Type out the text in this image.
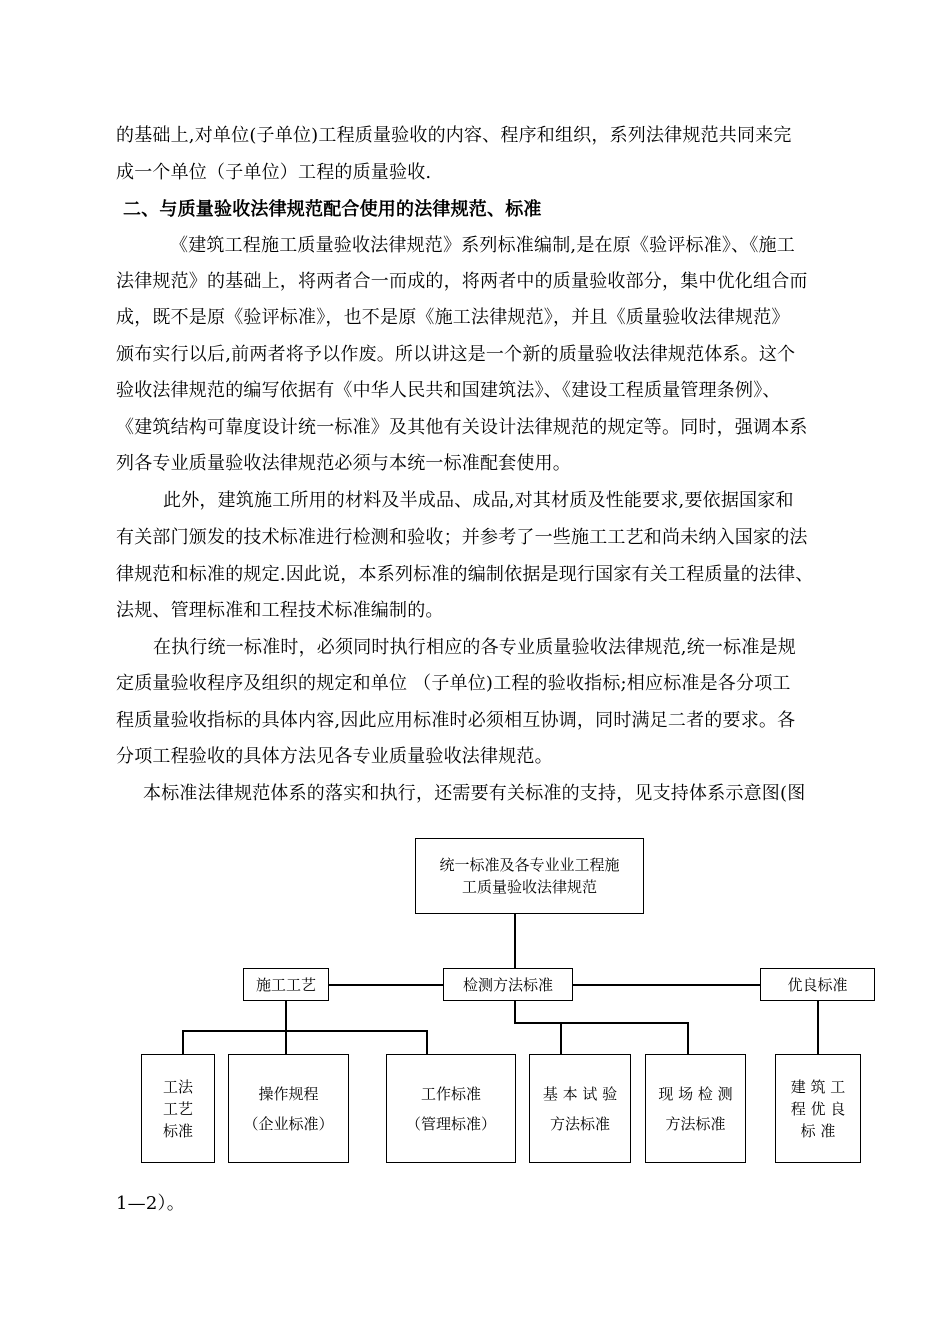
的基础上,对单位(子单位)工程质量验收的内容、程序和组织，系列法律规范共同来完
成一个单位（子单位）工程的质量验收.
二、与质量验收法律规范配合使用的法律规范、标准
《建筑工程施工质量验收法律规范》系列标准编制,是在原《验评标准》、《施工
法律规范》的基础上，将两者合一而成的，将两者中的质量验收部分，集中优化组合而
成，既不是原《验评标准》，也不是原《施工法律规范》，并且《质量验收法律规范》
颁布实行以后,前两者将予以作废。所以讲这是一个新的质量验收法律规范体系。这个
验收法律规范的编写依据有《中华人民共和国建筑法》、《建设工程质量管理条例》、
《建筑结构可靠度设计统一标准》及其他有关设计法律规范的规定等。同时，强调本系
列各专业质量验收法律规范必须与本统一标准配套使用。
此外，建筑施工所用的材料及半成品、成品,对其材质及性能要求,要依据国家和
有关部门颁发的技术标准进行检测和验收；并参考了一些施工工艺和尚未纳入国家的法
律规范和标准的规定.因此说，本系列标准的编制依据是现行国家有关工程质量的法律、
法规、管理标准和工程技术标准编制的。
在执行统一标准时，必须同时执行相应的各专业质量验收法律规范,统一标准是规
定质量验收程序及组织的规定和单位 （子单位)工程的验收指标;相应标准是各分项工
程质量验收指标的具体内容,因此应用标准时必须相互协调，同时满足二者的要求。各
分项工程验收的具体方法见各专业质量验收法律规范。
本标准法律规范体系的落实和执行，还需要有关标准的支持，见支持体系示意图(图
统一标准及各专业业工程施
工质量验收法律规范
施工工艺	检测方法标准	优良标准
工法
工艺
标准
操作规程
（企业标准）
工作标准
（管理标准）
基 本 试 验
方法标准
现 场 检 测
方法标准
建 筑 工
程 优 良
标 准
1—2）。
